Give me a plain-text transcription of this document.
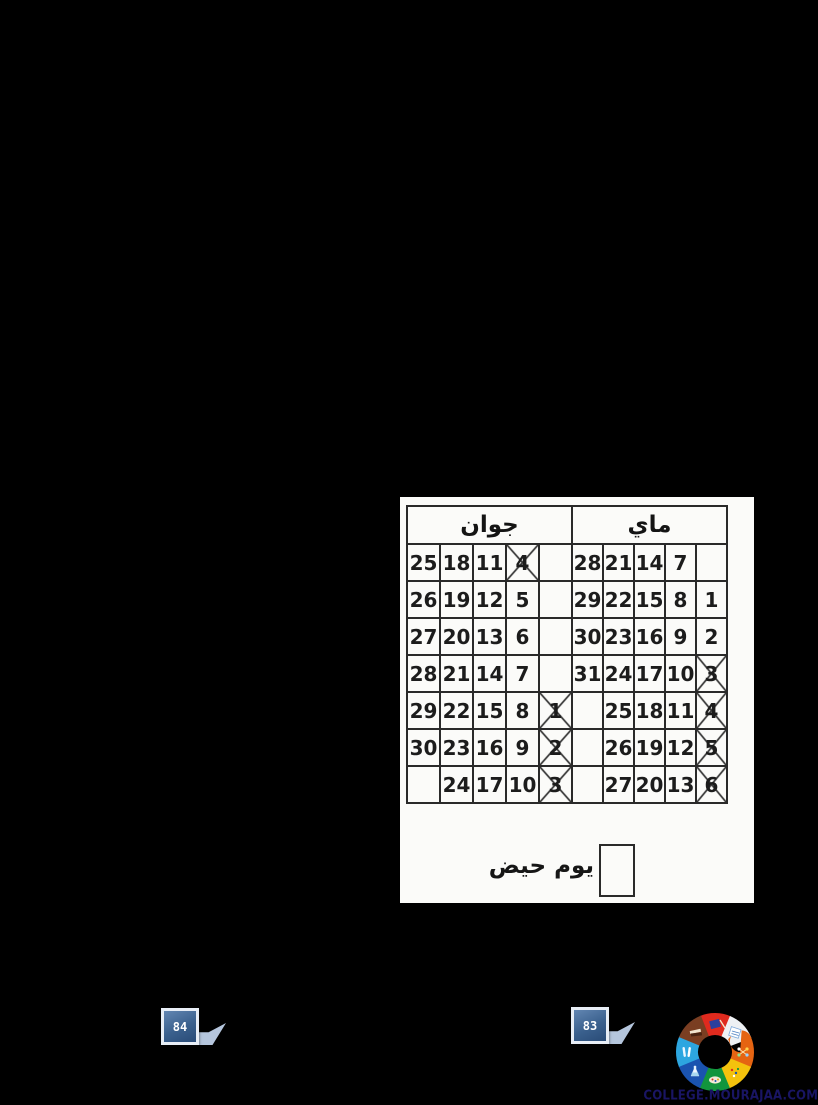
جوان					ماي				
25	18	11	4		28	21	14	7	
26	19	12	5		29	22	15	8	1
27	20	13	6		30	23	16	9	2
28	21	14	7		31	24	17	10	3
29	22	15	8	1		25	18	11	4
30	23	16	9	2		26	19	12	5
	24	17	10	3		27	20	13	6
يوم حيض
84	83
COLLEGE.MOURAJAA.COM
